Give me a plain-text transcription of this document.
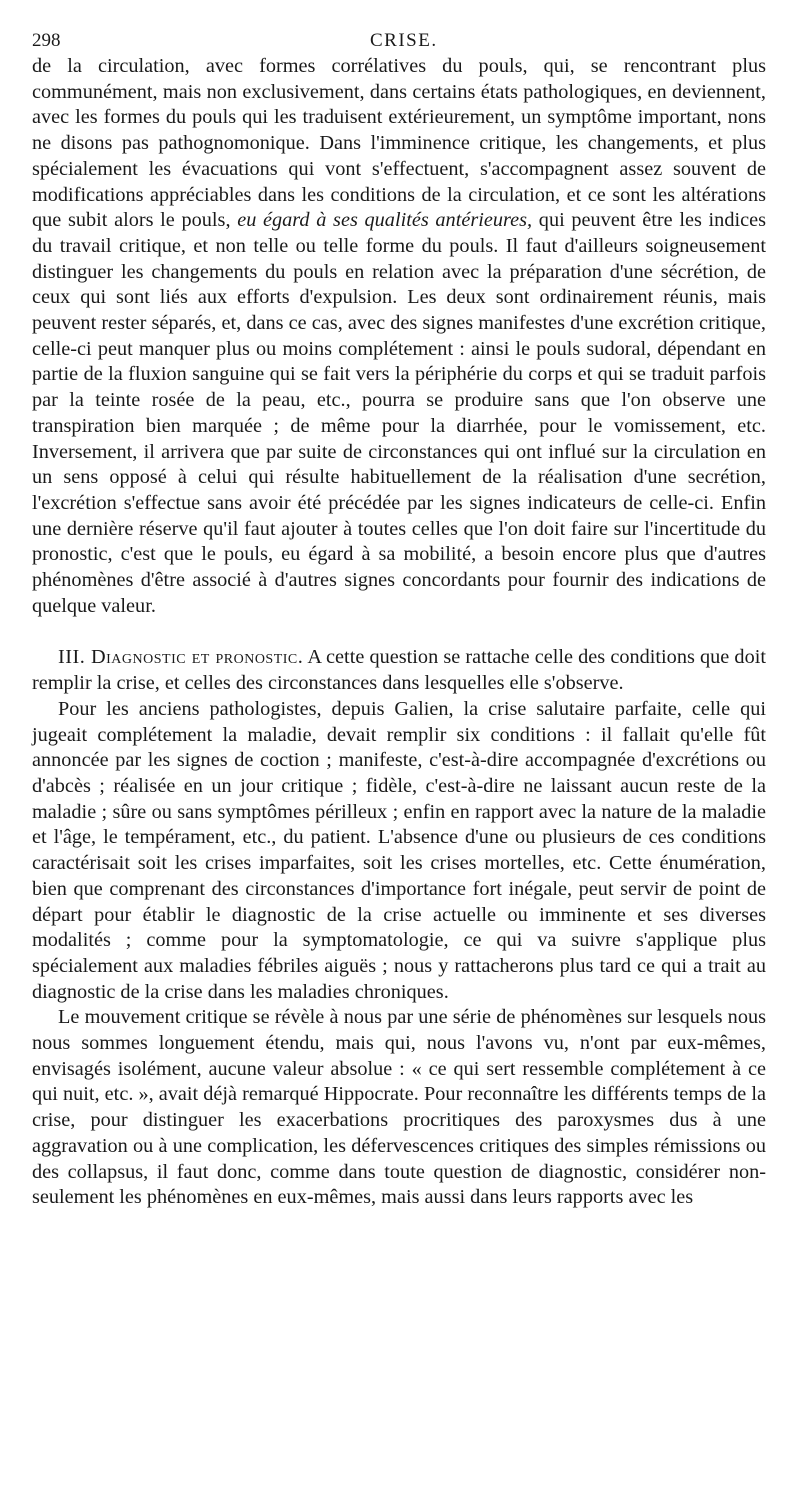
298	CRISE.

de la circulation, avec formes corrélatives du pouls, qui, se rencontrant plus communément, mais non exclusivement, dans certains états pathologiques, en deviennent, avec les formes du pouls qui les traduisent extérieurement, un symptôme important, nons ne disons pas pathognomonique. Dans l'imminence critique, les changements, et plus spécialement les évacuations qui vont s'effectuent, s'accompagnent assez souvent de modifications appréciables dans les conditions de la circulation, et ce sont les altérations que subit alors le pouls, eu égard à ses qualités antérieures, qui peuvent être les indices du travail critique, et non telle ou telle forme du pouls. Il faut d'ailleurs soigneusement distinguer les changements du pouls en relation avec la préparation d'une sécrétion, de ceux qui sont liés aux efforts d'expulsion. Les deux sont ordinairement réunis, mais peuvent rester séparés, et, dans ce cas, avec des signes manifestes d'une excrétion critique, celle-ci peut manquer plus ou moins complétement : ainsi le pouls sudoral, dépendant en partie de la fluxion sanguine qui se fait vers la périphérie du corps et qui se traduit parfois par la teinte rosée de la peau, etc., pourra se produire sans que l'on observe une transpiration bien marquée ; de même pour la diarrhée, pour le vomissement, etc. Inversement, il arrivera que par suite de circonstances qui ont influé sur la circulation en un sens opposé à celui qui résulte habituellement de la réalisation d'une secrétion, l'excrétion s'effectue sans avoir été précédée par les signes indicateurs de celle-ci. Enfin une dernière réserve qu'il faut ajouter à toutes celles que l'on doit faire sur l'incertitude du pronostic, c'est que le pouls, eu égard à sa mobilité, a besoin encore plus que d'autres phénomènes d'être associé à d'autres signes concordants pour fournir des indications de quelque valeur.

III. Diagnostic et pronostic. A cette question se rattache celle des conditions que doit remplir la crise, et celles des circonstances dans lesquelles elle s'observe.

Pour les anciens pathologistes, depuis Galien, la crise salutaire parfaite, celle qui jugeait complétement la maladie, devait remplir six conditions : il fallait qu'elle fût annoncée par les signes de coction ; manifeste, c'est-à-dire accompagnée d'excrétions ou d'abcès ; réalisée en un jour critique ; fidèle, c'est-à-dire ne laissant aucun reste de la maladie ; sûre ou sans symptômes périlleux ; enfin en rapport avec la nature de la maladie et l'âge, le tempérament, etc., du patient. L'absence d'une ou plusieurs de ces conditions caractérisait soit les crises imparfaites, soit les crises mortelles, etc. Cette énumération, bien que comprenant des circonstances d'importance fort inégale, peut servir de point de départ pour établir le diagnostic de la crise actuelle ou imminente et ses diverses modalités ; comme pour la symptomatologie, ce qui va suivre s'applique plus spécialement aux maladies fébriles aiguës ; nous y rattacherons plus tard ce qui a trait au diagnostic de la crise dans les maladies chroniques.

Le mouvement critique se révèle à nous par une série de phénomènes sur lesquels nous nous sommes longuement étendu, mais qui, nous l'avons vu, n'ont par eux-mêmes, envisagés isolément, aucune valeur absolue : « ce qui sert ressemble complétement à ce qui nuit, etc. », avait déjà remarqué Hippocrate. Pour reconnaître les différents temps de la crise, pour distinguer les exacerbations procritiques des paroxysmes dus à une aggravation ou à une complication, les défervescences critiques des simples rémissions ou des collapsus, il faut donc, comme dans toute question de diagnostic, considérer non-seulement les phénomènes en eux-mêmes, mais aussi dans leurs rapports avec les
